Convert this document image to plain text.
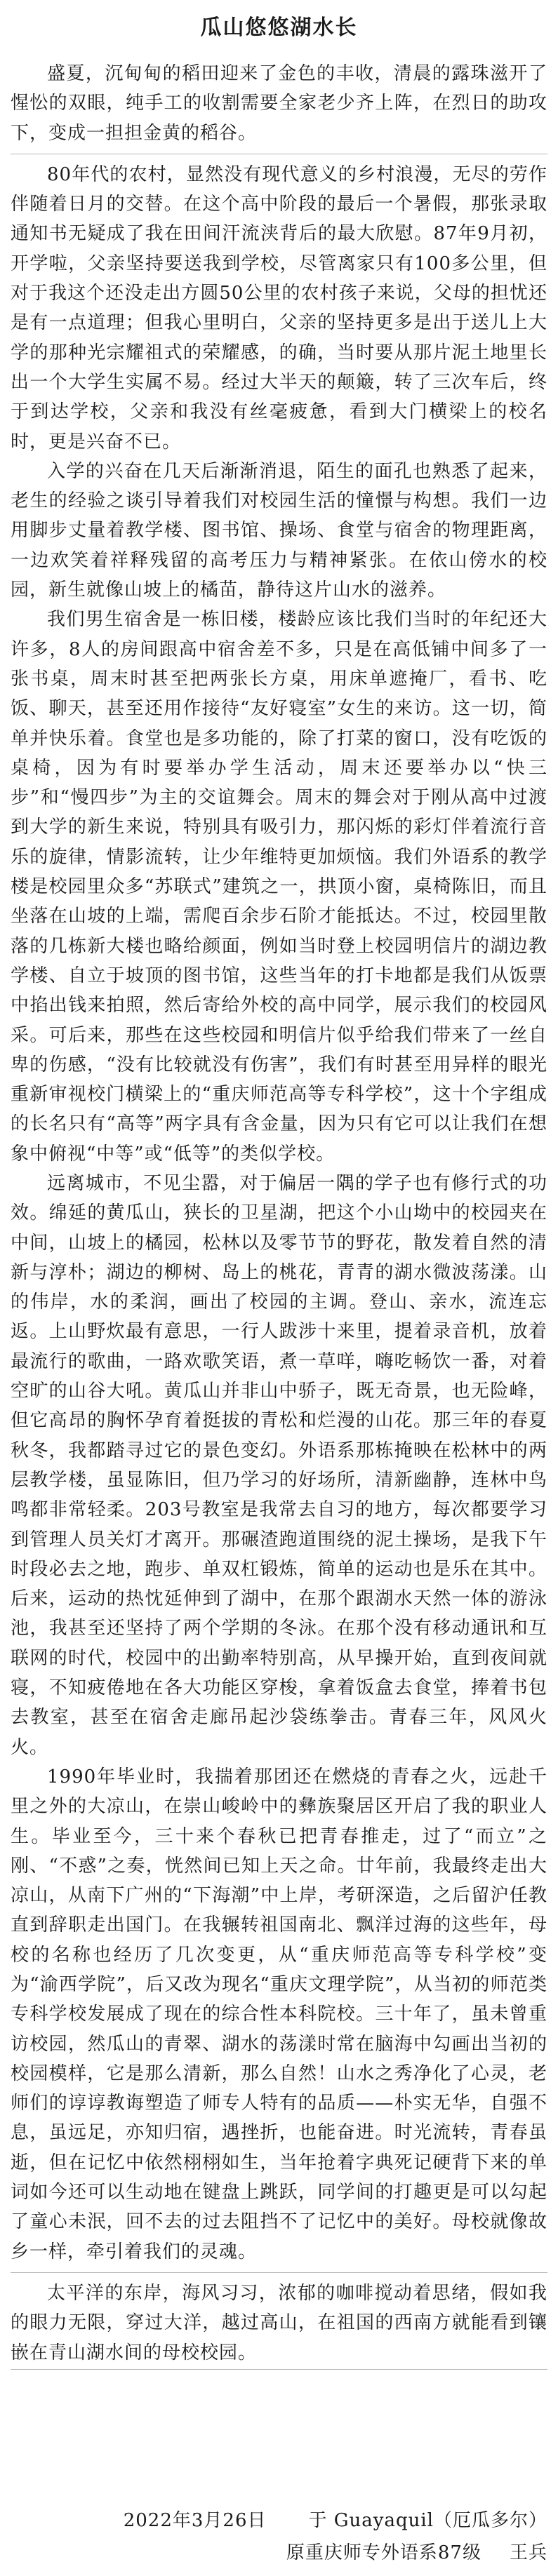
瓜山悠悠湖水长

盛夏，沉甸甸的稻田迎来了金色的丰收，清晨的露珠滋开了惺忪的双眼，纯手工的收割需要全家老少齐上阵，在烈日的助攻下，变成一担担金黄的稻谷。

80年代的农村，显然没有现代意义的乡村浪漫，无尽的劳作伴随着日月的交替。在这个高中阶段的最后一个暑假，那张录取通知书无疑成了我在田间汗流浃背后的最大欣慰。87年9月初，开学啦，父亲坚持要送我到学校，尽管离家只有100多公里，但对于我这个还没走出方圆50公里的农村孩子来说，父母的担忧还是有一点道理；但我心里明白，父亲的坚持更多是出于送儿上大学的那种光宗耀祖式的荣耀感，的确，当时要从那片泥土地里长出一个大学生实属不易。经过大半天的颠簸，转了三次车后，终于到达学校，父亲和我没有丝毫疲惫，看到大门横梁上的校名时，更是兴奋不已。

入学的兴奋在几天后渐渐消退，陌生的面孔也熟悉了起来，老生的经验之谈引导着我们对校园生活的憧憬与构想。我们一边用脚步丈量着教学楼、图书馆、操场、食堂与宿舍的物理距离，一边欢笑着祥释残留的高考压力与精神紧张。在依山傍水的校园，新生就像山坡上的橘苗，静待这片山水的滋养。

我们男生宿舍是一栋旧楼，楼龄应该比我们当时的年纪还大许多，8人的房间跟高中宿舍差不多，只是在高低铺中间多了一张书桌，周末时甚至把两张长方桌，用床单遮掩厂，看书、吃饭、聊天，甚至还用作接待“友好寝室”女生的来访。这一切，简单并快乐着。食堂也是多功能的，除了打菜的窗口，没有吃饭的桌椅，因为有时要举办学生活动，周末还要举办以“快三步”和“慢四步”为主的交谊舞会。周末的舞会对于刚从高中过渡到大学的新生来说，特别具有吸引力，那闪烁的彩灯伴着流行音乐的旋律，情影流转，让少年维特更加烦恼。我们外语系的教学楼是校园里众多“苏联式”建筑之一，拱顶小窗，桌椅陈旧，而且坐落在山坡的上端，需爬百余步石阶才能抵达。不过，校园里散落的几栋新大楼也略给颜面，例如当时登上校园明信片的湖边教学楼、自立于坡顶的图书馆，这些当年的打卡地都是我们从饭票中掐出钱来拍照，然后寄给外校的高中同学，展示我们的校园风采。可后来，那些在这些校园和明信片似乎给我们带来了一丝自卑的伤感，“没有比较就没有伤害”，我们有时甚至用异样的眼光重新审视校门横梁上的“重庆师范高等专科学校”，这十个字组成的长名只有“高等”两字具有含金量，因为只有它可以让我们在想象中俯视“中等”或“低等”的类似学校。

远离城市，不见尘嚣，对于偏居一隅的学子也有修行式的功效。绵延的黄瓜山，狭长的卫星湖，把这个小山坳中的校园夹在中间，山坡上的橘园，松林以及零节节的野花，散发着自然的清新与淳朴；湖边的柳树、岛上的桃花，青青的湖水微波荡漾。山的伟岸，水的柔润，画出了校园的主调。登山、亲水，流连忘返。上山野炊最有意思，一行人跋涉十来里，提着录音机，放着最流行的歌曲，一路欢歌笑语，煮一草咩，嗨吃畅饮一番，对着空旷的山谷大吼。黄瓜山并非山中骄子，既无奇景，也无险峰，但它高昂的胸怀孕育着挺拔的青松和烂漫的山花。那三年的春夏秋冬，我都踏寻过它的景色变幻。外语系那栋掩映在松林中的两层教学楼，虽显陈旧，但乃学习的好场所，清新幽静，连林中鸟鸣都非常轻柔。203号教室是我常去自习的地方，每次都要学习到管理人员关灯才离开。那碾渣跑道围绕的泥土操场，是我下午时段必去之地，跑步、单双杠锻炼，简单的运动也是乐在其中。后来，运动的热忱延伸到了湖中，在那个跟湖水天然一体的游泳池，我甚至还坚持了两个学期的冬泳。在那个没有移动通讯和互联网的时代，校园中的出勤率特别高，从早操开始，直到夜间就寝，不知疲倦地在各大功能区穿梭，拿着饭盒去食堂，捧着书包去教室，甚至在宿舍走廊吊起沙袋练拳击。青春三年，风风火火。

1990年毕业时，我揣着那团还在燃烧的青春之火，远赴千里之外的大凉山，在崇山峻岭中的彝族聚居区开启了我的职业人生。毕业至今，三十来个春秋已把青春推走，过了“而立”之刚、“不惑”之奏，恍然间已知上天之命。廿年前，我最终走出大凉山，从南下广州的“下海潮”中上岸，考研深造，之后留沪任教直到辞职走出国门。在我辗转祖国南北、飘洋过海的这些年，母校的名称也经历了几次变更，从“重庆师范高等专科学校”变为“渝西学院”，后又改为现名“重庆文理学院”，从当初的师范类专科学校发展成了现在的综合性本科院校。三十年了，虽未曾重访校园，然瓜山的青翠、湖水的荡漾时常在脑海中勾画出当初的校园模样，它是那么清新，那么自然！山水之秀净化了心灵，老师们的谆谆教诲塑造了师专人特有的品质——朴实无华，自强不息，虽远足，亦知归宿，遇挫折，也能奋进。时光流转，青春虽逝，但在记忆中依然栩栩如生，当年抢着字典死记硬背下来的单词如今还可以生动地在键盘上跳跃，同学间的打趣更是可以勾起了童心未泯，回不去的过去阻挡不了记忆中的美好。母校就像故乡一样，牵引着我们的灵魂。

太平洋的东岸，海风习习，浓郁的咖啡搅动着思绪，假如我的眼力无限，穿过大洋，越过高山，在祖国的西南方就能看到镶嵌在青山湖水间的母校校园。

2022年3月26日 于 Guayaquil（厄瓜多尔）
原重庆师专外语系87级 王兵
